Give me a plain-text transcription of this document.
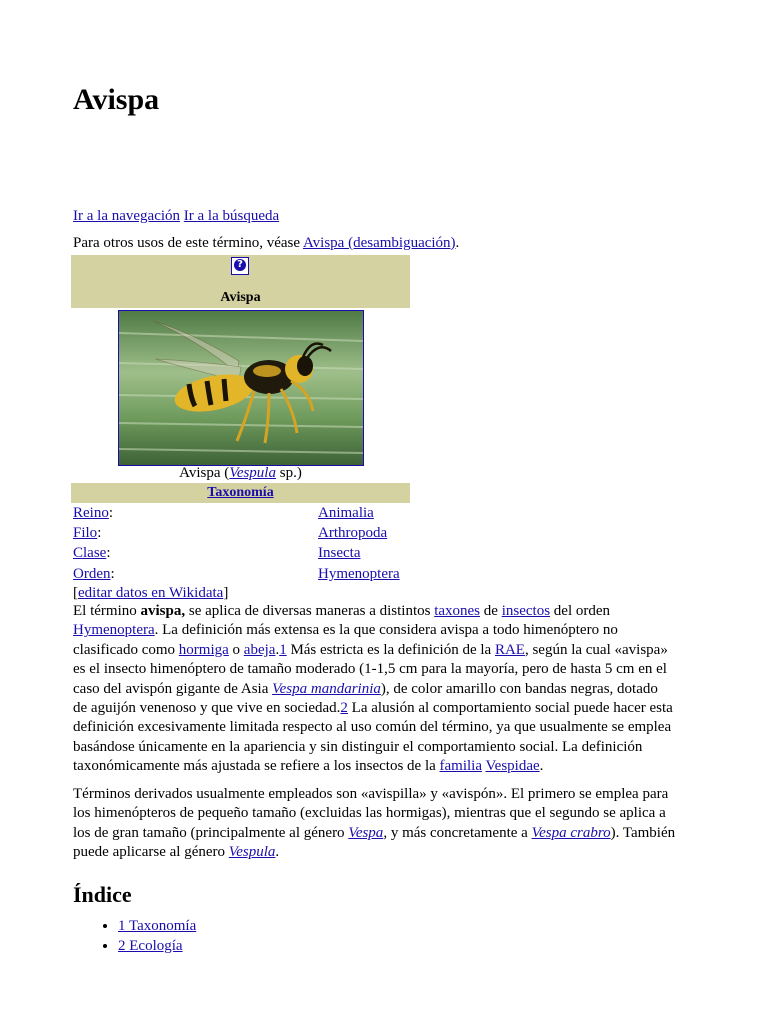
Avispa
Ir a la navegación Ir a la búsqueda
Para otros usos de este término, véase Avispa (desambiguación).
?
Avispa
Avispa (Vespula sp.)
Taxonomía
Reino:	Animalia
Filo:	Arthropoda
Clase:	Insecta
Orden:	Hymenoptera
[editar datos en Wikidata]
El término avispa, se aplica de diversas maneras a distintos taxones de insectos del orden
Hymenoptera. La definición más extensa es la que considera avispa a todo himenóptero no
clasificado como hormiga o abeja.1 Más estricta es la definición de la RAE, según la cual «avispa»
es el insecto himenóptero de tamaño moderado (1-1,5 cm para la mayoría, pero de hasta 5 cm en el
caso del avispón gigante de Asia Vespa mandarinia), de color amarillo con bandas negras, dotado
de aguijón venenoso y que vive en sociedad.2 La alusión al comportamiento social puede hacer esta
definición excesivamente limitada respecto al uso común del término, ya que usualmente se emplea
basándose únicamente en la apariencia y sin distinguir el comportamiento social. La definición
taxonómicamente más ajustada se refiere a los insectos de la familia Vespidae.
Términos derivados usualmente empleados son «avispilla» y «avispón». El primero se emplea para
los himenópteros de pequeño tamaño (excluidas las hormigas), mientras que el segundo se aplica a
los de gran tamaño (principalmente al género Vespa, y más concretamente a Vespa crabro). También
puede aplicarse al género Vespula.
Índice
• 1 Taxonomía
• 2 Ecología
